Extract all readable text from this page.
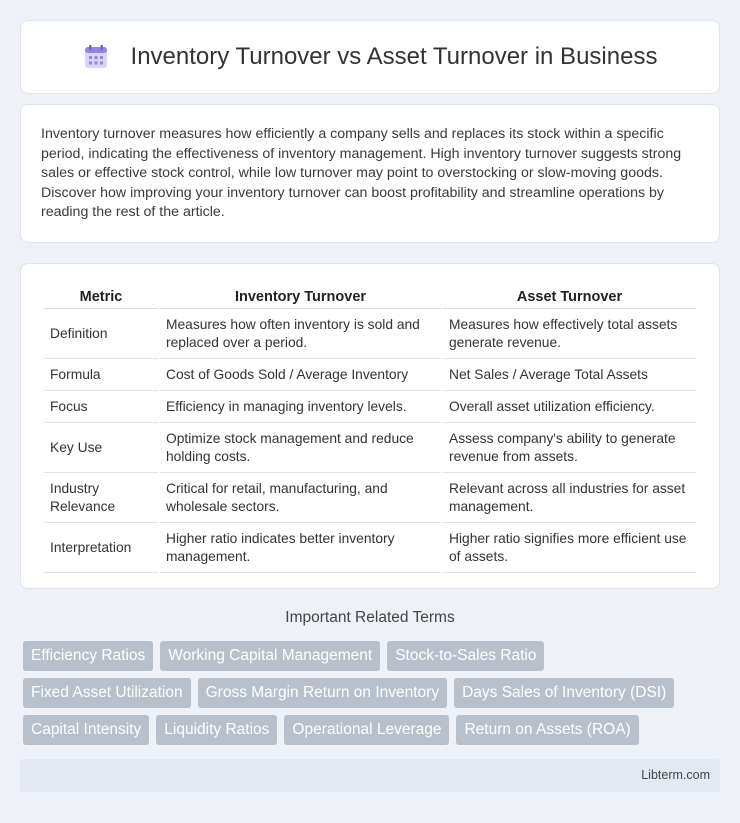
Inventory Turnover vs Asset Turnover in Business

Inventory turnover measures how efficiently a company sells and replaces its stock within a specific period, indicating the effectiveness of inventory management. High inventory turnover suggests strong sales or effective stock control, while low turnover may point to overstocking or slow-moving goods. Discover how improving your inventory turnover can boost profitability and streamline operations by reading the rest of the article.

Metric	Inventory Turnover	Asset Turnover
Definition	Measures how often inventory is sold and replaced over a period.	Measures how effectively total assets generate revenue.
Formula	Cost of Goods Sold / Average Inventory	Net Sales / Average Total Assets
Focus	Efficiency in managing inventory levels.	Overall asset utilization efficiency.
Key Use	Optimize stock management and reduce holding costs.	Assess company's ability to generate revenue from assets.
Industry Relevance	Critical for retail, manufacturing, and wholesale sectors.	Relevant across all industries for asset management.
Interpretation	Higher ratio indicates better inventory management.	Higher ratio signifies more efficient use of assets.
Important Related Terms
Efficiency Ratios	Working Capital Management	Stock-to-Sales Ratio
Fixed Asset Utilization	Gross Margin Return on Inventory	Days Sales of Inventory (DSI)
Capital Intensity	Liquidity Ratios	Operational Leverage	Return on Assets (ROA)
Libterm.com
